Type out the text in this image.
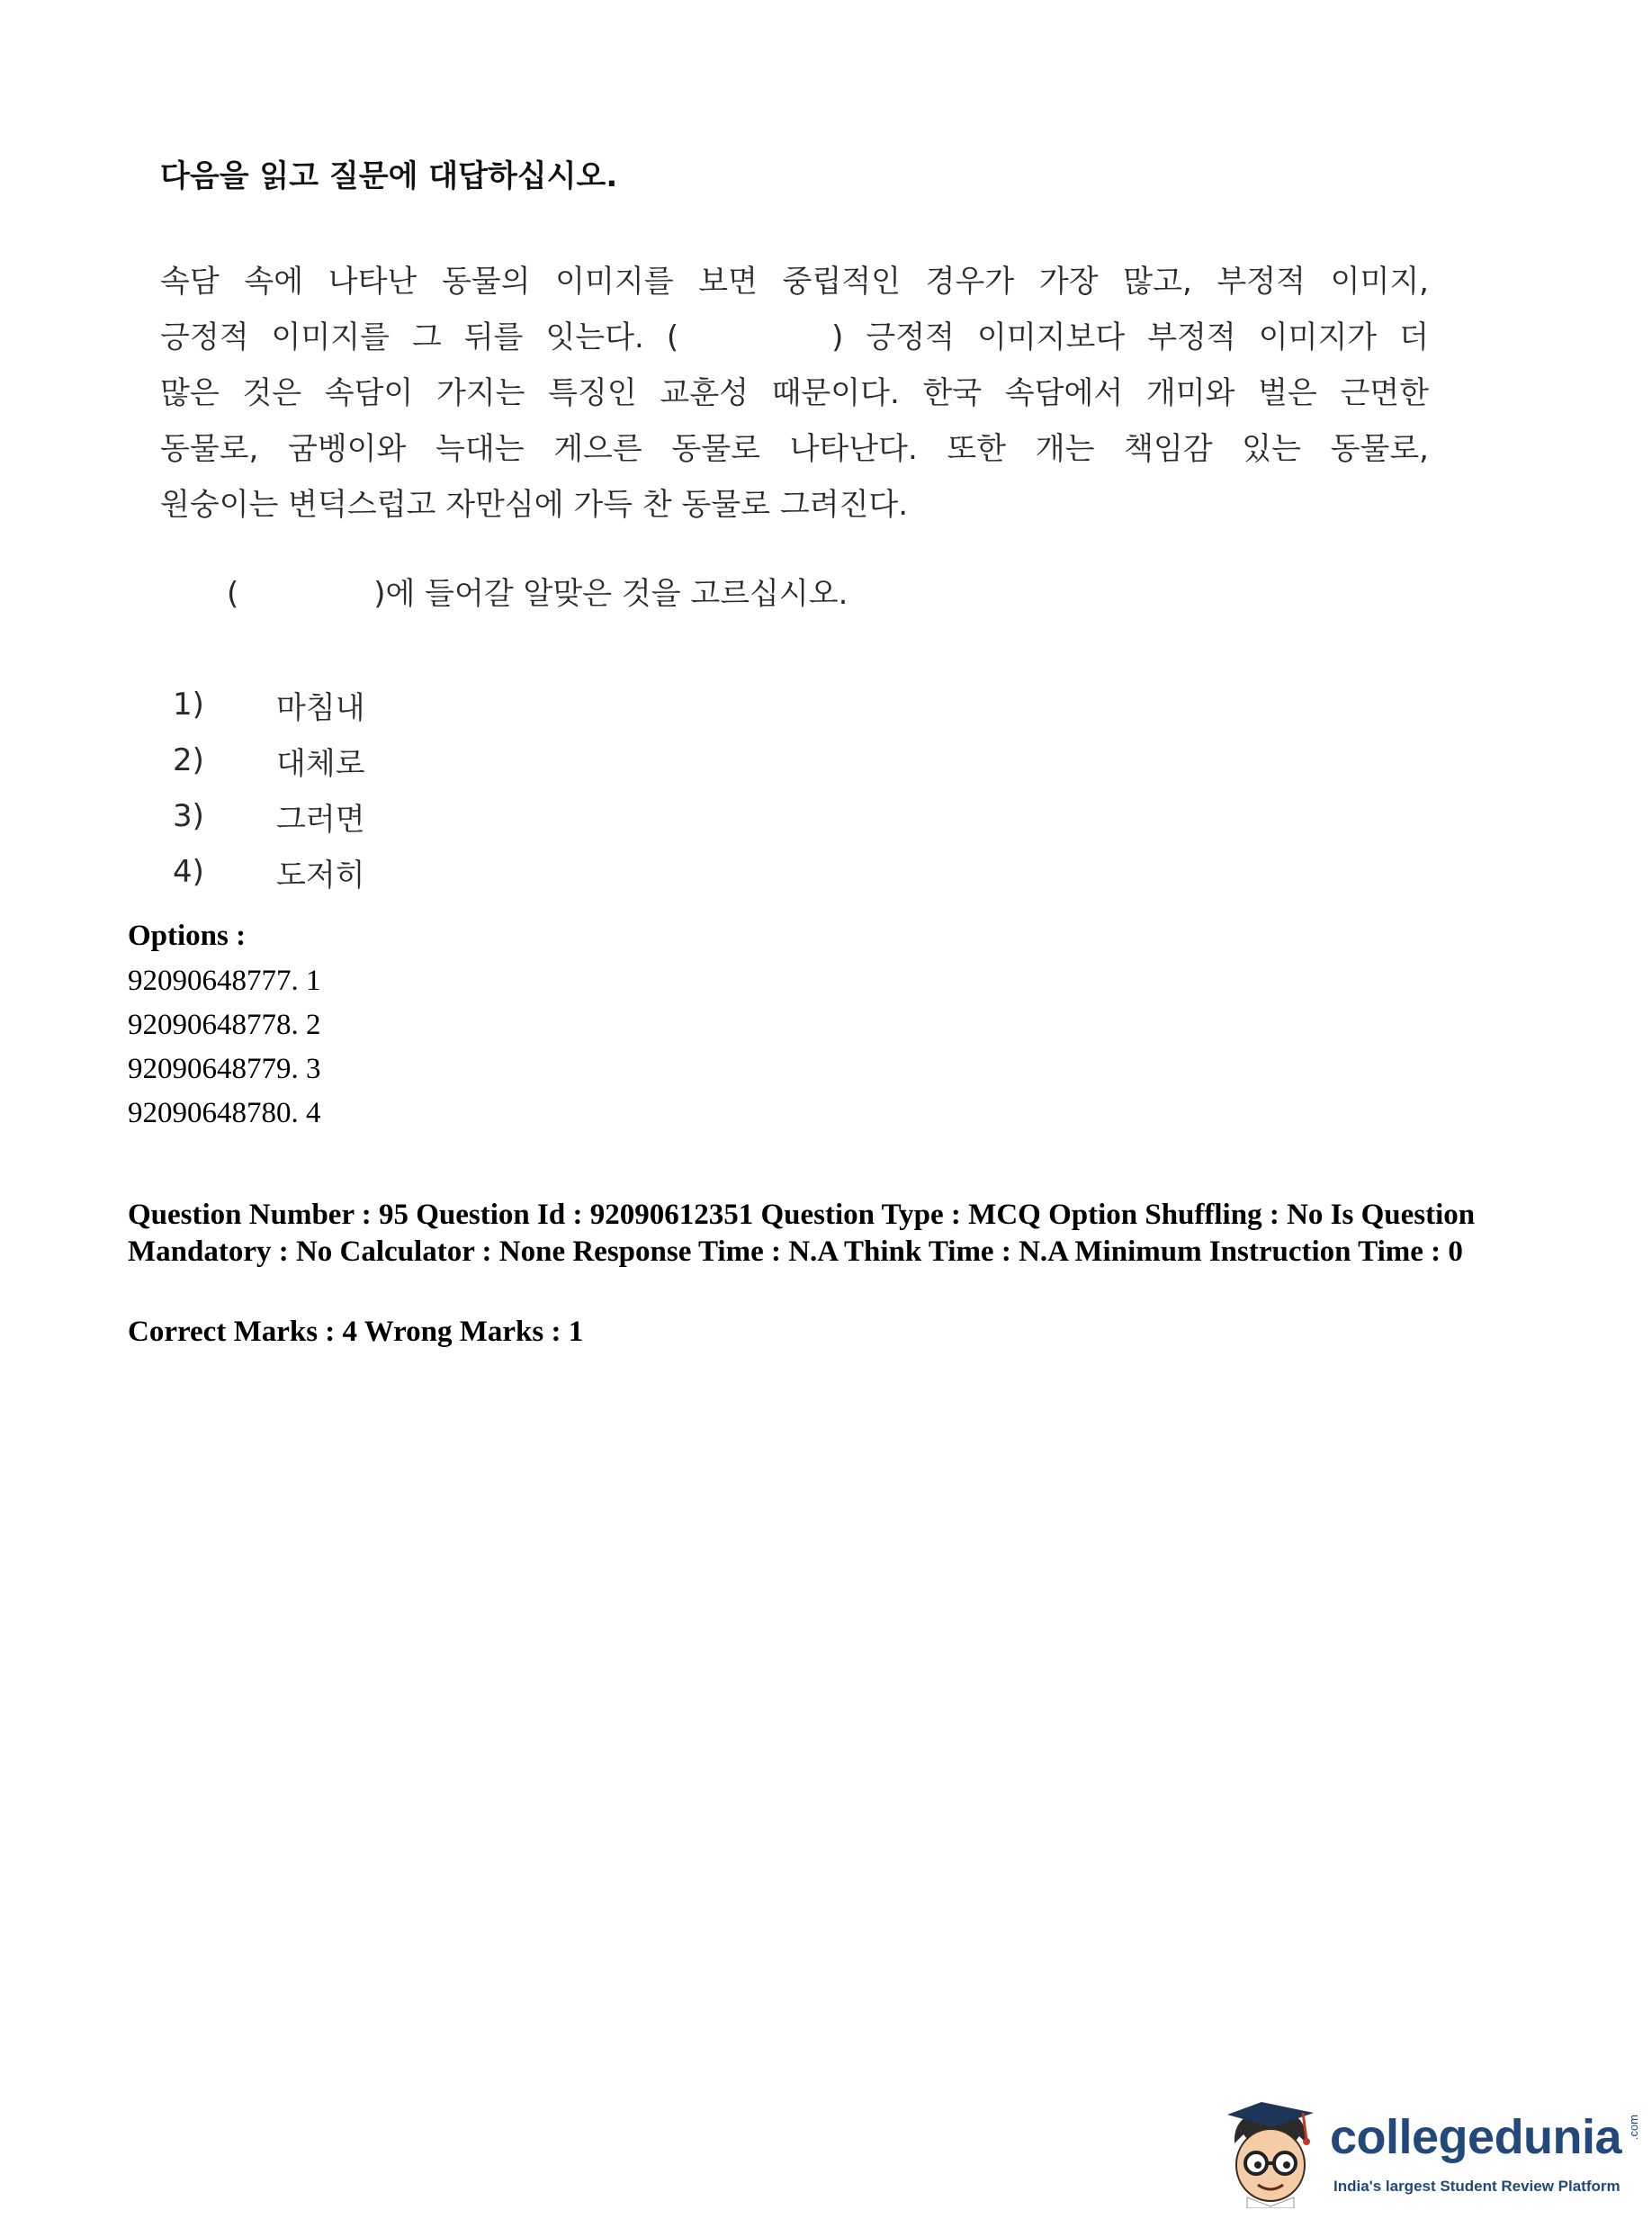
다음을 읽고 질문에 대답하십시오.
속담 속에 나타난 동물의 이미지를 보면 중립적인 경우가 가장 많고, 부정적 이미지,
긍정적 이미지를 그 뒤를 잇는다. (	) 긍정적 이미지보다 부정적 이미지가 더
많은 것은 속담이 가지는 특징인 교훈성 때문이다. 한국 속담에서 개미와 벌은 근면한
동물로, 굼벵이와 늑대는 게으른 동물로 나타난다. 또한 개는 책임감 있는 동물로,
원숭이는 변덕스럽고 자만심에 가득 찬 동물로 그려진다.
(	)에 들어갈 알맞은 것을 고르십시오.
1)	마침내
2)	대체로
3)	그러면
4)	도저히
Options :
92090648777. 1
92090648778. 2
92090648779. 3
92090648780. 4
Question Number : 95 Question Id : 92090612351 Question Type : MCQ Option Shuffling : No Is Question Mandatory : No Calculator : None Response Time : N.A Think Time : N.A Minimum Instruction Time : 0
Correct Marks : 4 Wrong Marks : 1
collegedunia .com
India's largest Student Review Platform
